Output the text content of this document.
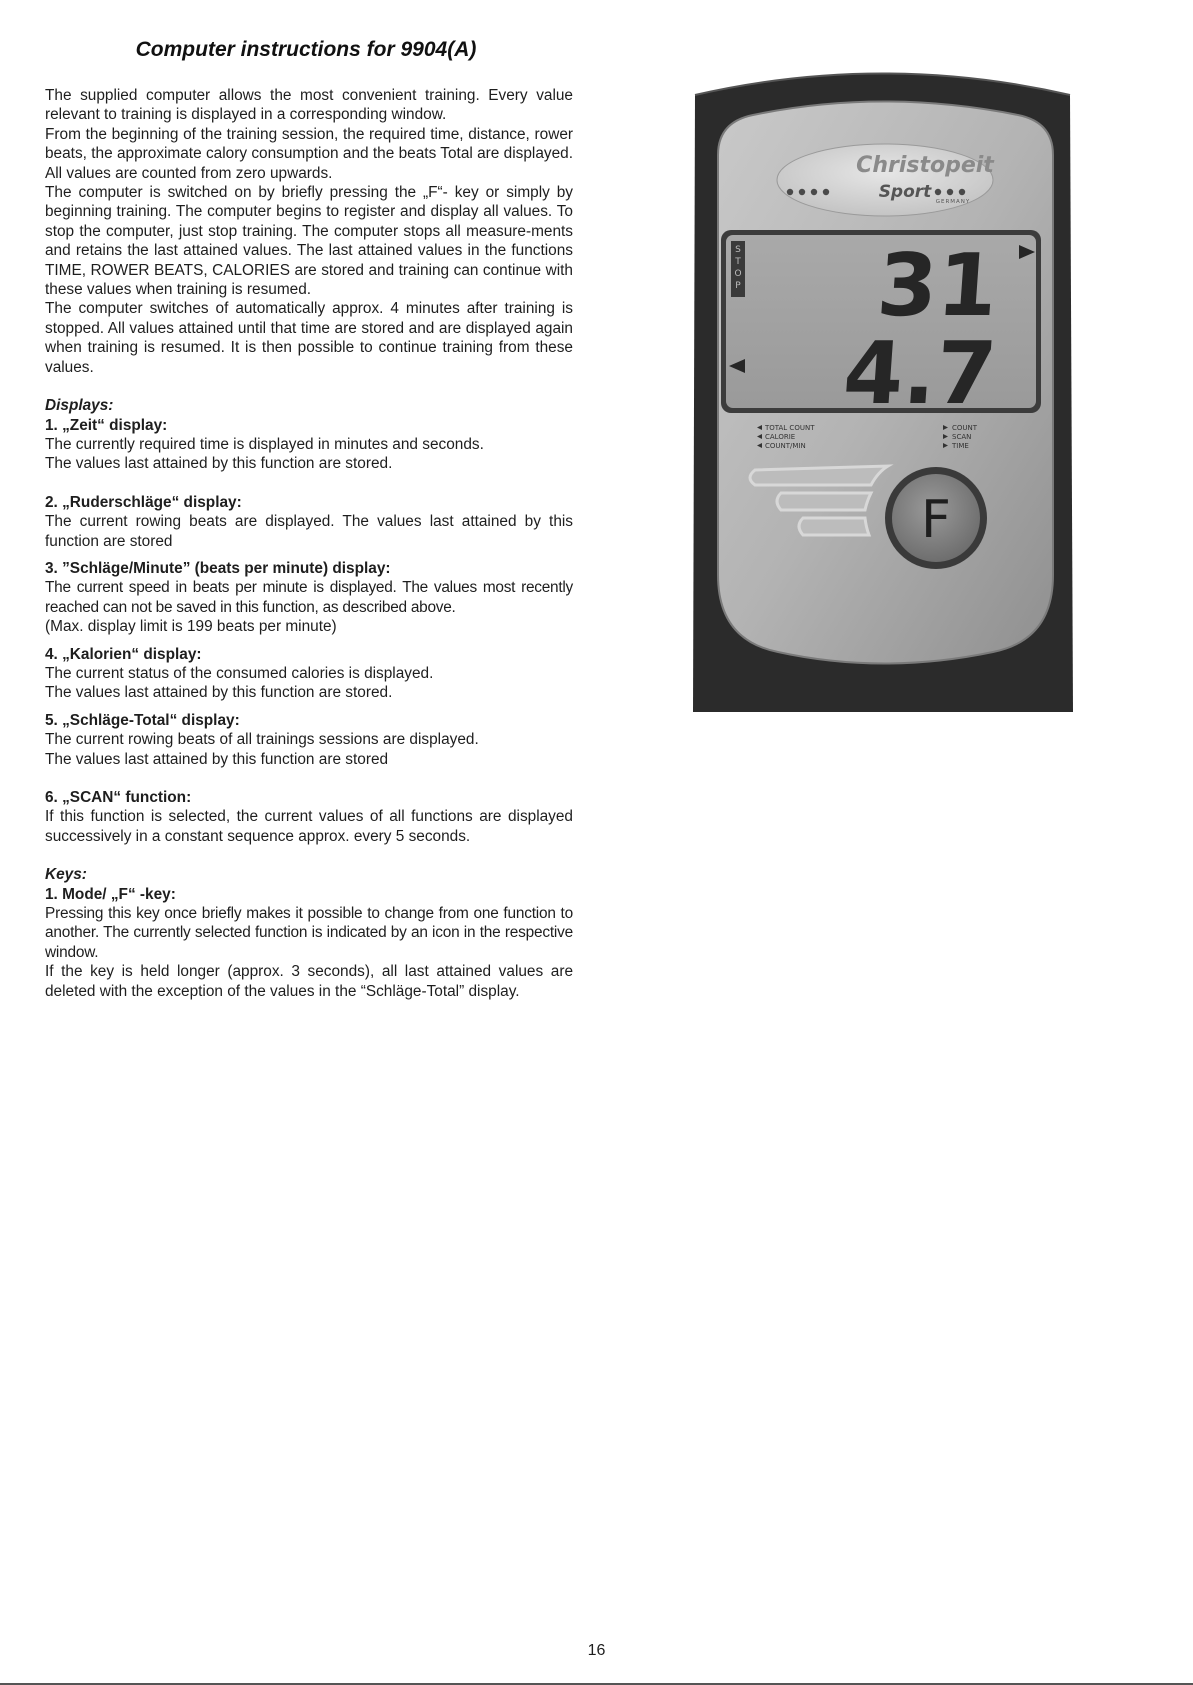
Computer instructions for 9904(A)

The supplied computer allows the most convenient training. Every value relevant to training is displayed in a corresponding window.

From the beginning of the training session, the required time, distance, rower beats, the approximate calory consumption and the beats Total are displayed. All values are counted from zero upwards.

The computer is switched on by briefly pressing the „F“- key or simply by beginning training. The computer begins to register and display all values. To stop the computer, just stop training. The computer stops all measure-ments and retains the last attained values. The last attained values in the functions TIME, ROWER BEATS, CALORIES are stored and training can continue with these values when training is resumed.

The computer switches of automatically approx. 4 minutes after training is stopped. All values attained until that time are stored and are displayed again when training is resumed. It is then possible to continue training from these values.

Displays:

1. „Zeit“ display:

The currently required time is displayed in minutes and seconds.

The values last attained by this function are stored.

2. „Ruderschläge“ display:

The current rowing beats are displayed. The values last attained by this function are stored

3. ”Schläge/Minute” (beats per minute) display:

The current speed in beats per minute is displayed. The values most recently reached can not be saved in this function, as described above.

(Max. display limit is 199 beats per minute)

4. „Kalorien“ display:

The current status of the consumed calories is displayed.

The values last attained by this function are stored.

5. „Schläge-Total“ display:

The current rowing beats of all trainings sessions are displayed.

The values last attained by this function are stored

6. „SCAN“ function:

If this function is selected, the current values of all functions are displayed successively in a constant sequence approx. every 5 seconds.

Keys:

1. Mode/ „F“ -key:

Pressing this key once briefly makes it possible to change from one function to another. The currently selected function is indicated by an icon in the respective window.

If the key is held longer (approx. 3 seconds), all last attained values are deleted with the exception of the values in the “Schläge-Total” display.

Christopeit
Sport GERMANY
S
T
O
P 31
4.7
TOTAL COUNT
CALORIE
COUNT/MIN
COUNT
SCAN
TIME
F
16
